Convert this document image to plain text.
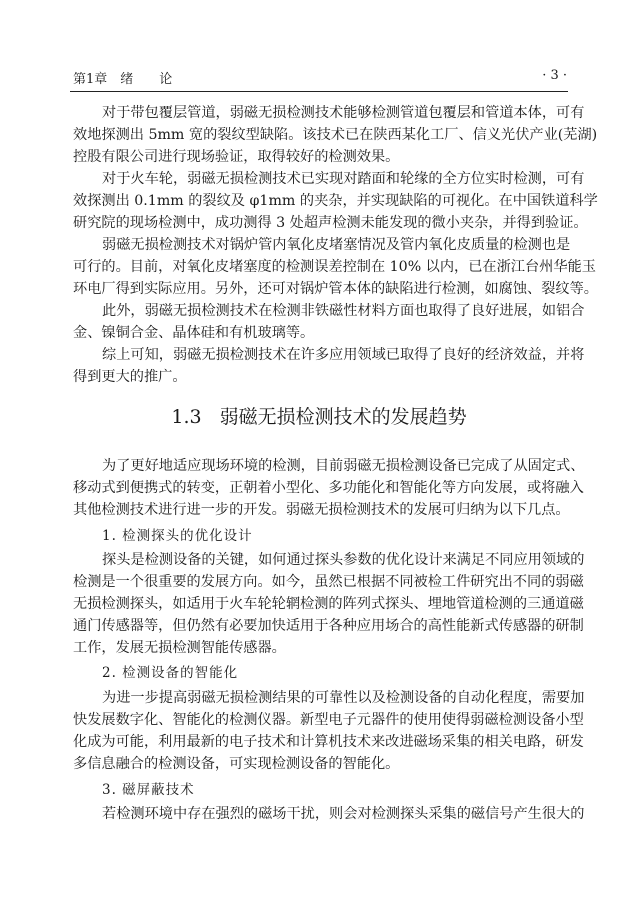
第1章　绪　　论	· 3 ·
对于带包覆层管道，弱磁无损检测技术能够检测管道包覆层和管道本体，可有
效地探测出 5mm 宽的裂纹型缺陷。该技术已在陕西某化工厂、信义光伏产业(芜湖)
控股有限公司进行现场验证，取得较好的检测效果。
对于火车轮，弱磁无损检测技术已实现对踏面和轮缘的全方位实时检测，可有
效探测出 0.1mm 的裂纹及 φ1mm 的夹杂，并实现缺陷的可视化。在中国铁道科学
研究院的现场检测中，成功测得 3 处超声检测未能发现的微小夹杂，并得到验证。
弱磁无损检测技术对锅炉管内氧化皮堵塞情况及管内氧化皮质量的检测也是
可行的。目前，对氧化皮堵塞度的检测误差控制在 10% 以内，已在浙江台州华能玉
环电厂得到实际应用。另外，还可对锅炉管本体的缺陷进行检测，如腐蚀、裂纹等。
此外，弱磁无损检测技术在检测非铁磁性材料方面也取得了良好进展，如铝合
金、镍铜合金、晶体硅和有机玻璃等。
综上可知，弱磁无损检测技术在许多应用领域已取得了良好的经济效益，并将
得到更大的推广。
1.3 弱磁无损检测技术的发展趋势
为了更好地适应现场环境的检测，目前弱磁无损检测设备已完成了从固定式、
移动式到便携式的转变，正朝着小型化、多功能化和智能化等方向发展，或将融入
其他检测技术进行进一步的开发。弱磁无损检测技术的发展可归纳为以下几点。
1. 检测探头的优化设计
探头是检测设备的关键，如何通过探头参数的优化设计来满足不同应用领域的
检测是一个很重要的发展方向。如今，虽然已根据不同被检工件研究出不同的弱磁
无损检测探头，如适用于火车轮轮辋检测的阵列式探头、埋地管道检测的三通道磁
通门传感器等，但仍然有必要加快适用于各种应用场合的高性能新式传感器的研制
工作，发展无损检测智能传感器。
2. 检测设备的智能化
为进一步提高弱磁无损检测结果的可靠性以及检测设备的自动化程度，需要加
快发展数字化、智能化的检测仪器。新型电子元器件的使用使得弱磁检测设备小型
化成为可能，利用最新的电子技术和计算机技术来改进磁场采集的相关电路，研发
多信息融合的检测设备，可实现检测设备的智能化。
3. 磁屏蔽技术
若检测环境中存在强烈的磁场干扰，则会对检测探头采集的磁信号产生很大的
